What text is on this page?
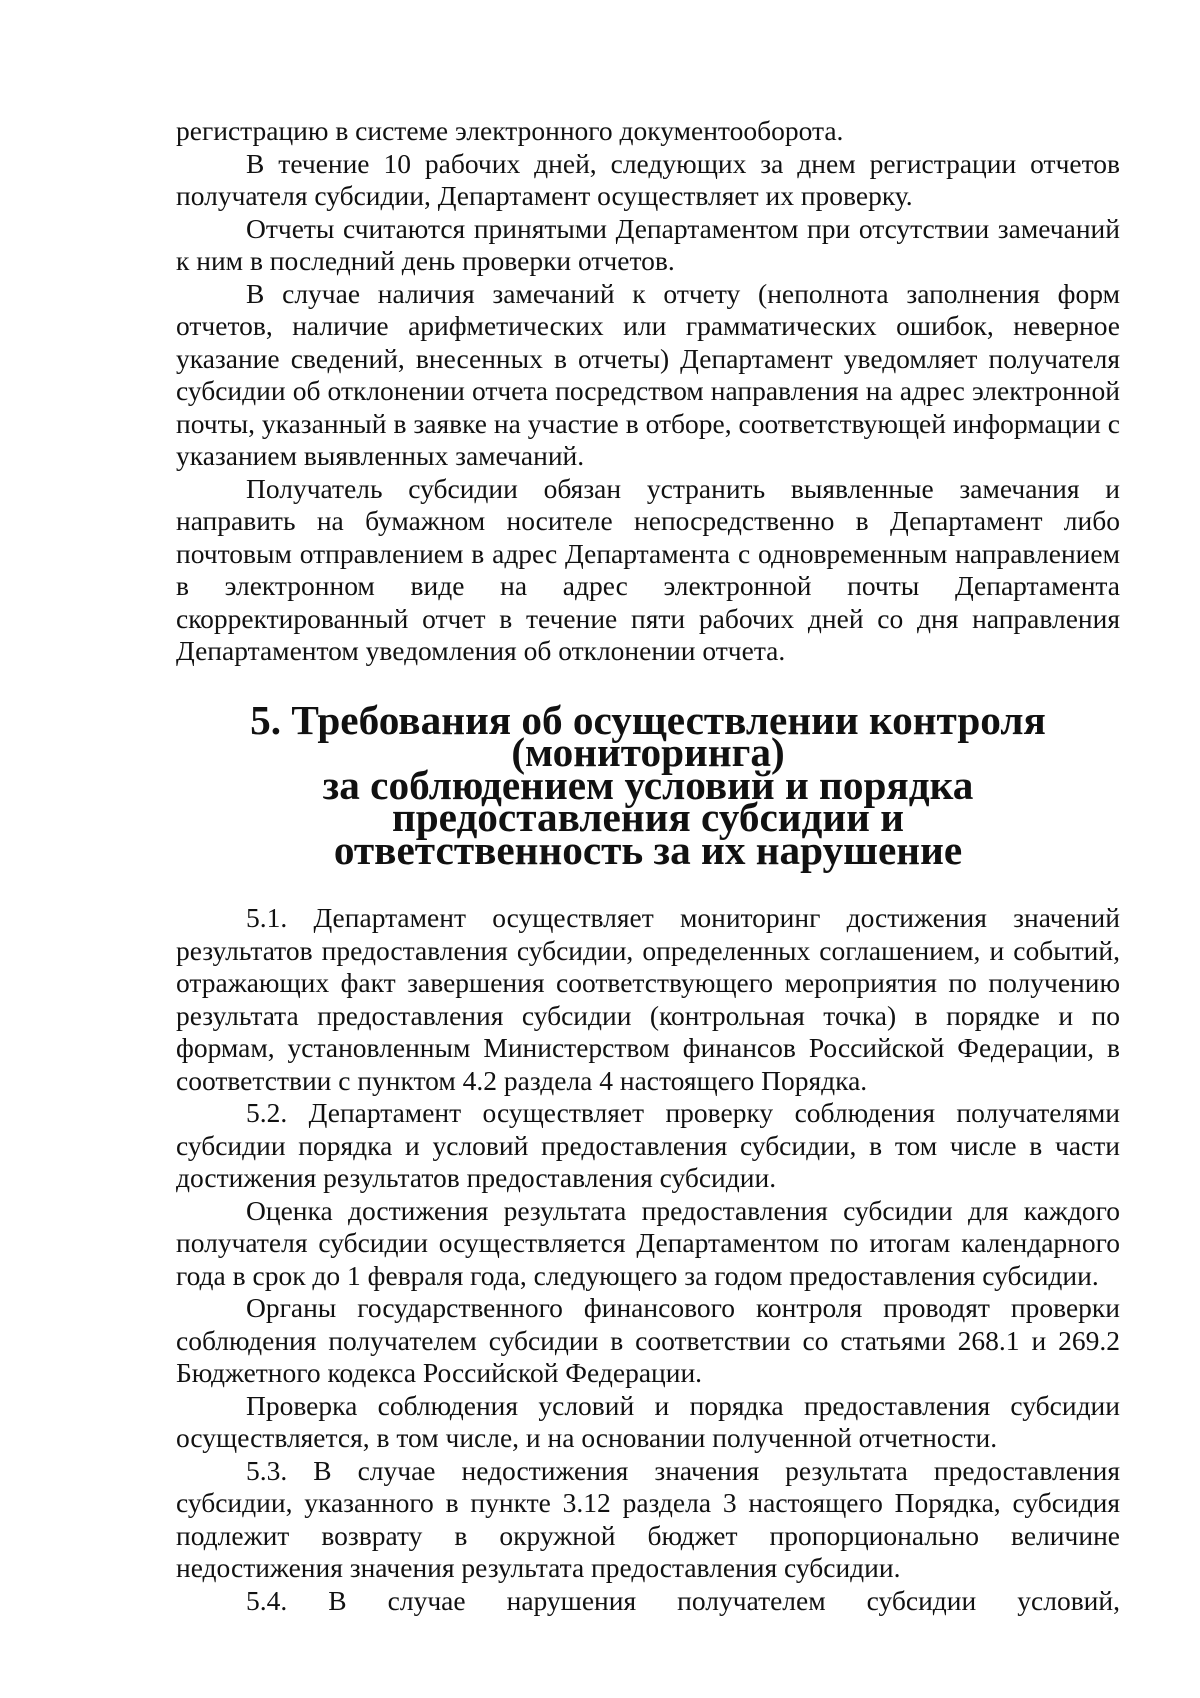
регистрацию в системе электронного документооборота.

В течение 10 рабочих дней, следующих за днем регистрации отчетов получателя субсидии, Департамент осуществляет их проверку.

Отчеты считаются принятыми Департаментом при отсутствии замечаний к ним в последний день проверки отчетов.

В случае наличия замечаний к отчету (неполнота заполнения форм отчетов, наличие арифметических или грамматических ошибок, неверное указание сведений, внесенных в отчеты) Департамент уведомляет получателя субсидии об отклонении отчета посредством направления на адрес электронной почты, указанный в заявке на участие в отборе, соответствующей информации с указанием выявленных замечаний.

Получатель субсидии обязан устранить выявленные замечания и направить на бумажном носителе непосредственно в Департамент либо почтовым отправлением в адрес Департамента с одновременным направлением в электронном виде на адрес электронной почты Департамента скорректированный отчет в течение пяти рабочих дней со дня направления Департаментом уведомления об отклонении отчета.

5. Требования об осуществлении контроля (мониторинга)
за соблюдением условий и порядка предоставления субсидии и
ответственность за их нарушение

5.1. Департамент осуществляет мониторинг достижения значений результатов предоставления субсидии, определенных соглашением, и событий, отражающих факт завершения соответствующего мероприятия по получению результата предоставления субсидии (контрольная точка) в порядке и по формам, установленным Министерством финансов Российской Федерации, в соответствии с пунктом 4.2 раздела 4 настоящего Порядка.

5.2. Департамент осуществляет проверку соблюдения получателями субсидии порядка и условий предоставления субсидии, в том числе в части достижения результатов предоставления субсидии.

Оценка достижения результата предоставления субсидии для каждого получателя субсидии осуществляется Департаментом по итогам календарного года в срок до 1 февраля года, следующего за годом предоставления субсидии.

Органы государственного финансового контроля проводят проверки соблюдения получателем субсидии в соответствии со статьями 268.1 и 269.2 Бюджетного кодекса Российской Федерации.

Проверка соблюдения условий и порядка предоставления субсидии осуществляется, в том числе, и на основании полученной отчетности.

5.3. В случае недостижения значения результата предоставления субсидии, указанного в пункте 3.12 раздела 3 настоящего Порядка, субсидия подлежит возврату в окружной бюджет пропорционально величине недостижения значения результата предоставления субсидии.

5.4. В случае нарушения получателем субсидии условий,
